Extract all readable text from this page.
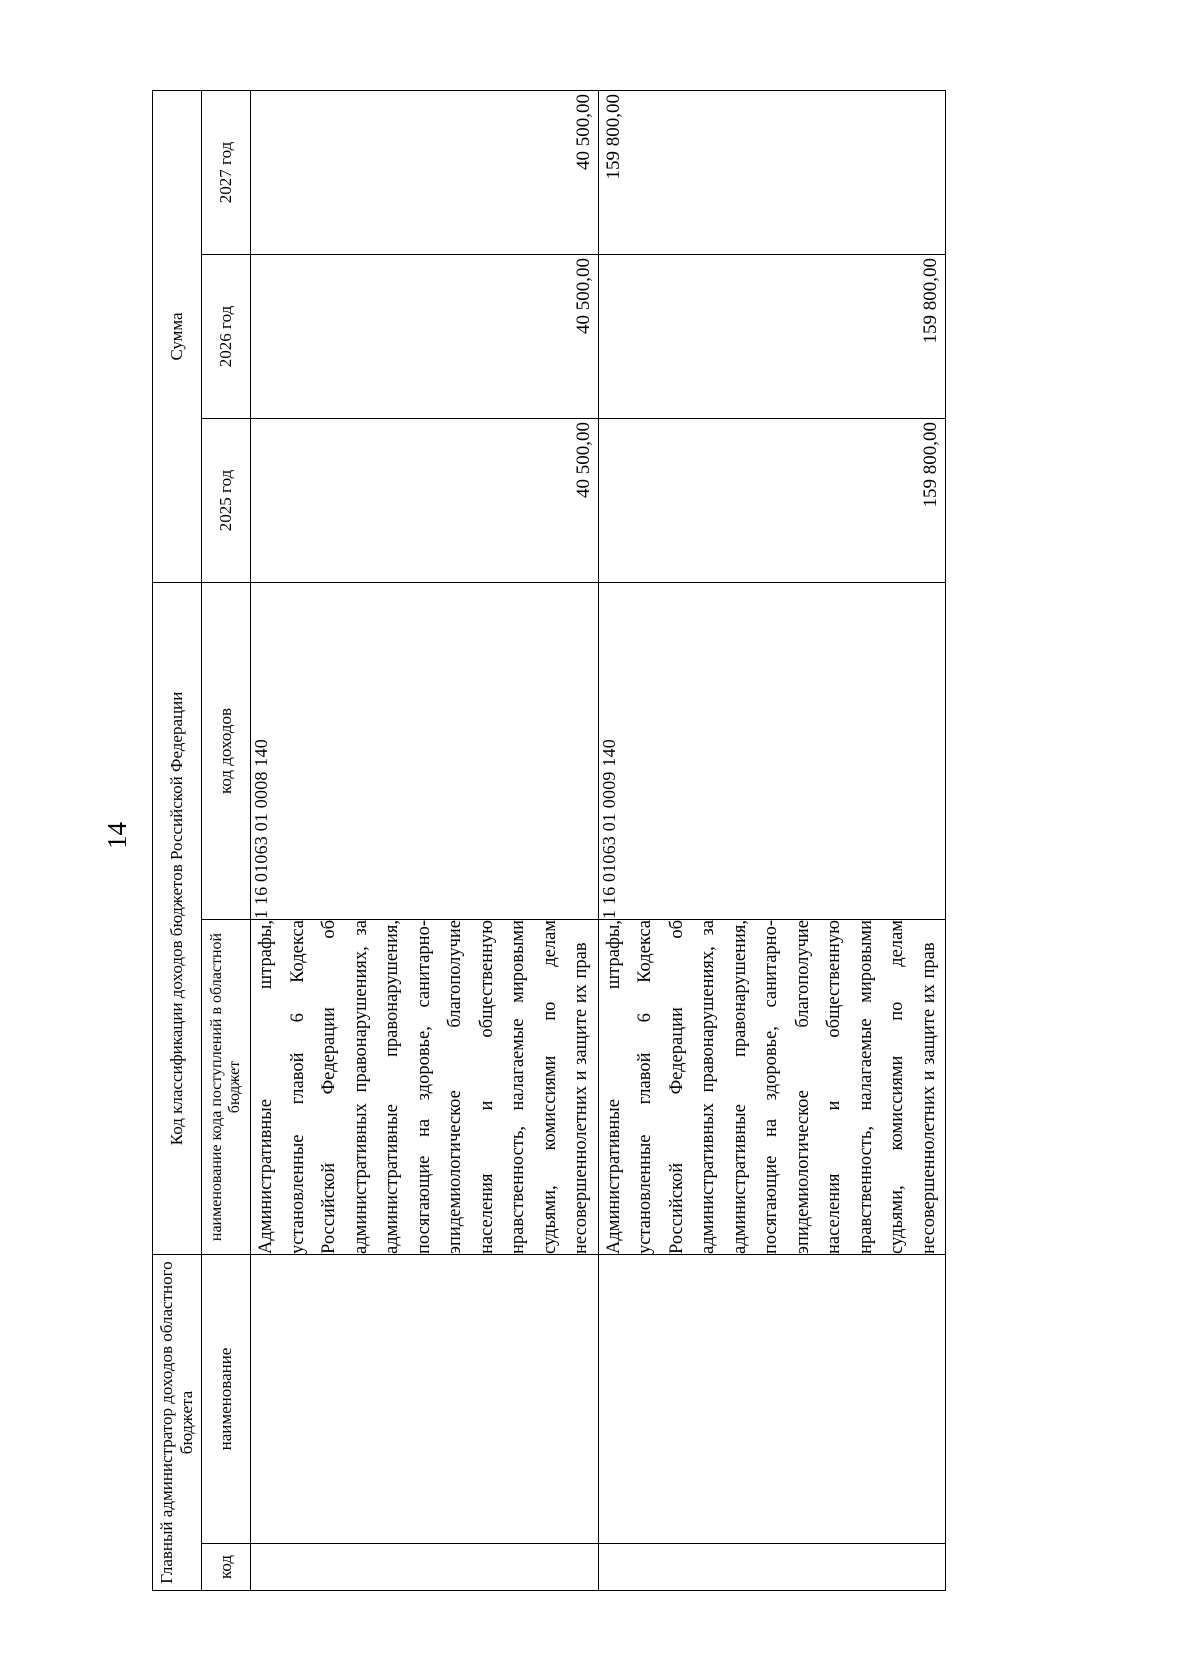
14
Главный администратор доходов областного бюджета		Код классификации доходов бюджетов Российской Федерации		Сумма		
код	наименование	наименование кода поступлений в областной бюджет	код доходов	2025 год	2026 год	2027 год
		Административные штрафы, установленные главой 6 Кодекса Российской Федерации об административных правонарушениях, за административные правонарушения, посягающие на здоровье, санитарно-эпидемиологическое благополучие населения и общественную нравственность, налагаемые мировыми судьями, комиссиями по делам несовершеннолетних и защите их прав	1 16 01063 01 0008 140	40 500,00	40 500,00	40 500,00
		Административные штрафы, установленные главой 6 Кодекса Российской Федерации об административных правонарушениях, за административные правонарушения, посягающие на здоровье, санитарно-эпидемиологическое благополучие населения и общественную нравственность, налагаемые мировыми судьями, комиссиями по делам несовершеннолетних и защите их прав	1 16 01063 01 0009 140	159 800,00	159 800,00	159 800,00
